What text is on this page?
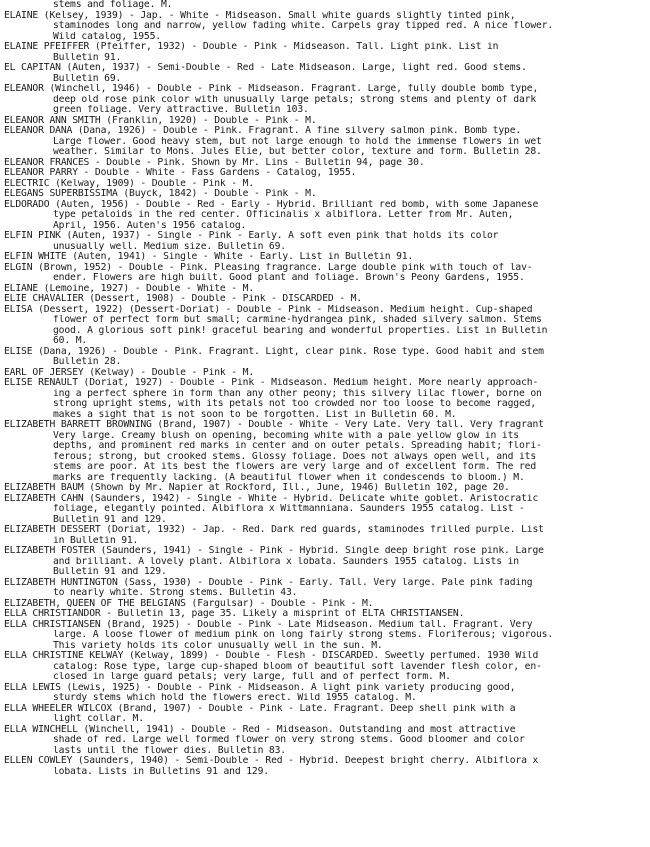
stems and foliage. M.
ELAINE (Kelsey, 1939) - Jap. - White - Midseason. Small white guards slightly tinted pink,
staminodes long and narrow, yellow fading white. Carpels gray tipped red. A nice flower.
Wild catalog, 1955.
ELAINE PFEIFFER (Pfeiffer, 1932) - Double - Pink - Midseason. Tall. Light pink. List in
Bulletin 91.
EL CAPITAN (Auten, 1937) - Semi-Double - Red - Late Midseason. Large, light red. Good stems.
Bulletin 69.
ELEANOR (Winchell, 1946) - Double - Pink - Midseason. Fragrant. Large, fully double bomb type,
deep old rose pink color with unusually large petals; strong stems and plenty of dark
green foliage. Very attractive. Bulletin 103.
ELEANOR ANN SMITH (Franklin, 1920) - Double - Pink - M.
ELEANOR DANA (Dana, 1926) - Double - Pink. Fragrant. A fine silvery salmon pink. Bomb type.
Large flower. Good heavy stem, but not large enough to hold the immense flowers in wet
weather. Similar to Mons. Jules Elie, but better color, texture and form. Bulletin 28.
ELEANOR FRANCES - Double - Pink. Shown by Mr. Lins - Bulletin 94, page 30.
ELEANOR PARRY - Double - White - Fass Gardens - Catalog, 1955.
ELECTRIC (Kelway, 1909) - Double - Pink - M.
ELEGANS SUPERBISSIMA (Buyck, 1842) - Double - Pink - M.
ELDORADO (Auten, 1956) - Double - Red - Early - Hybrid. Brilliant red bomb, with some Japanese
type petaloids in the red center. Officinalis x albiflora. Letter from Mr. Auten,
April, 1956. Auten's 1956 catalog.
ELFIN PINK (Auten, 1937) - Single - Pink - Early. A soft even pink that holds its color
unusually well. Medium size. Bulletin 69.
ELFIN WHITE (Auten, 1941) - Single - White - Early. List in Bulletin 91.
ELGIN (Brown, 1952) - Double - Pink. Pleasing fragrance. Large double pink with touch of lav-
ender. Flowers are high built. Good plant and foliage. Brown's Peony Gardens, 1955.
ELIANE (Lemoine, 1927) - Double - White - M.
ELIE CHAVALIER (Dessert, 1908) - Double - Pink - DISCARDED - M.
ELISA (Dessert, 1922) (Dessert-Doriat) - Double - Pink - Midseason. Medium height. Cup-shaped
flower of perfect form but small; carmine-hydrangea pink, shaded silvery salmon. Stems
good. A glorious soft pink! graceful bearing and wonderful properties. List in Bulletin
60. M.
ELISE (Dana, 1926) - Double - Pink. Fragrant. Light, clear pink. Rose type. Good habit and stem
Bulletin 28.
EARL OF JERSEY (Kelway) - Double - Pink - M.
ELISE RENAULT (Doriat, 1927) - Double - Pink - Midseason. Medium height. More nearly approach-
ing a perfect sphere in form than any other peony; this silvery lilac flower, borne on
strong upright stems, with its petals not too crowded nor too loose to become ragged,
makes a sight that is not soon to be forgotten. List in Bulletin 60. M.
ELIZABETH BARRETT BROWNING (Brand, 1907) - Double - White - Very Late. Very tall. Very fragrant
Very large. Creamy blush on opening, becoming white with a pale yellow glow in its
depths, and prominent red marks in center and on outer petals. Spreading habit; flori-
ferous; strong, but crooked stems. Glossy foliage. Does not always open well, and its
stems are poor. At its best the flowers are very large and of excellent form. The red
marks are frequently lacking. (A beautiful flower when it condescends to bloom.) M.
ELIZABETH BAUM (Shown by Mr. Napier at Rockford, Ill., June, 1946) Bulletin 102, page 20.
ELIZABETH CAHN (Saunders, 1942) - Single - White - Hybrid. Delicate white goblet. Aristocratic
foliage, elegantly pointed. Albiflora x Wittmanniana. Saunders 1955 catalog. List -
Bulletin 91 and 129.
ELIZABETH DESSERT (Doriat, 1932) - Jap. - Red. Dark red guards, staminodes frilled purple. List
in Bulletin 91.
ELIZABETH FOSTER (Saunders, 1941) - Single - Pink - Hybrid. Single deep bright rose pink. Large
and brilliant. A lovely plant. Albiflora x lobata. Saunders 1955 catalog. Lists in
Bulletin 91 and 129.
ELIZABETH HUNTINGTON (Sass, 1930) - Double - Pink - Early. Tall. Very large. Pale pink fading
to nearly white. Strong stems. Bulletin 43.
ELIZABETH, QUEEN OF THE BELGIANS (Fargulsar) - Double - Pink - M.
ELLA CHRISTIANDOR - Bulletin 13, page 35. Likely a misprint of ELTA CHRISTIANSEN.
ELLA CHRISTIANSEN (Brand, 1925) - Double - Pink - Late Midseason. Medium tall. Fragrant. Very
large. A loose flower of medium pink on long fairly strong stems. Floriferous; vigorous.
This variety holds its color unusually well in the sun. M.
ELLA CHRISTINE KELWAY (Kelway, 1899) - Double - Flesh - DISCARDED. Sweetly perfumed. 1930 Wild
catalog: Rose type, large cup-shaped bloom of beautiful soft lavender flesh color, en-
closed in large guard petals; very large, full and of perfect form. M.
ELLA LEWIS (Lewis, 1925) - Double - Pink - Midseason. A light pink variety producing good,
sturdy stems which hold the flowers erect. Wild 1955 catalog. M.
ELLA WHEELER WILCOX (Brand, 1907) - Double - Pink - Late. Fragrant. Deep shell pink with a
light collar. M.
ELLA WINCHELL (Winchell, 1941) - Double - Red - Midseason. Outstanding and most attractive
shade of red. Large well formed flower on very strong stems. Good bloomer and color
lasts until the flower dies. Bulletin 83.
ELLEN COWLEY (Saunders, 1940) - Semi-Double - Red - Hybrid. Deepest bright cherry. Albiflora x
lobata. Lists in Bulletins 91 and 129.
